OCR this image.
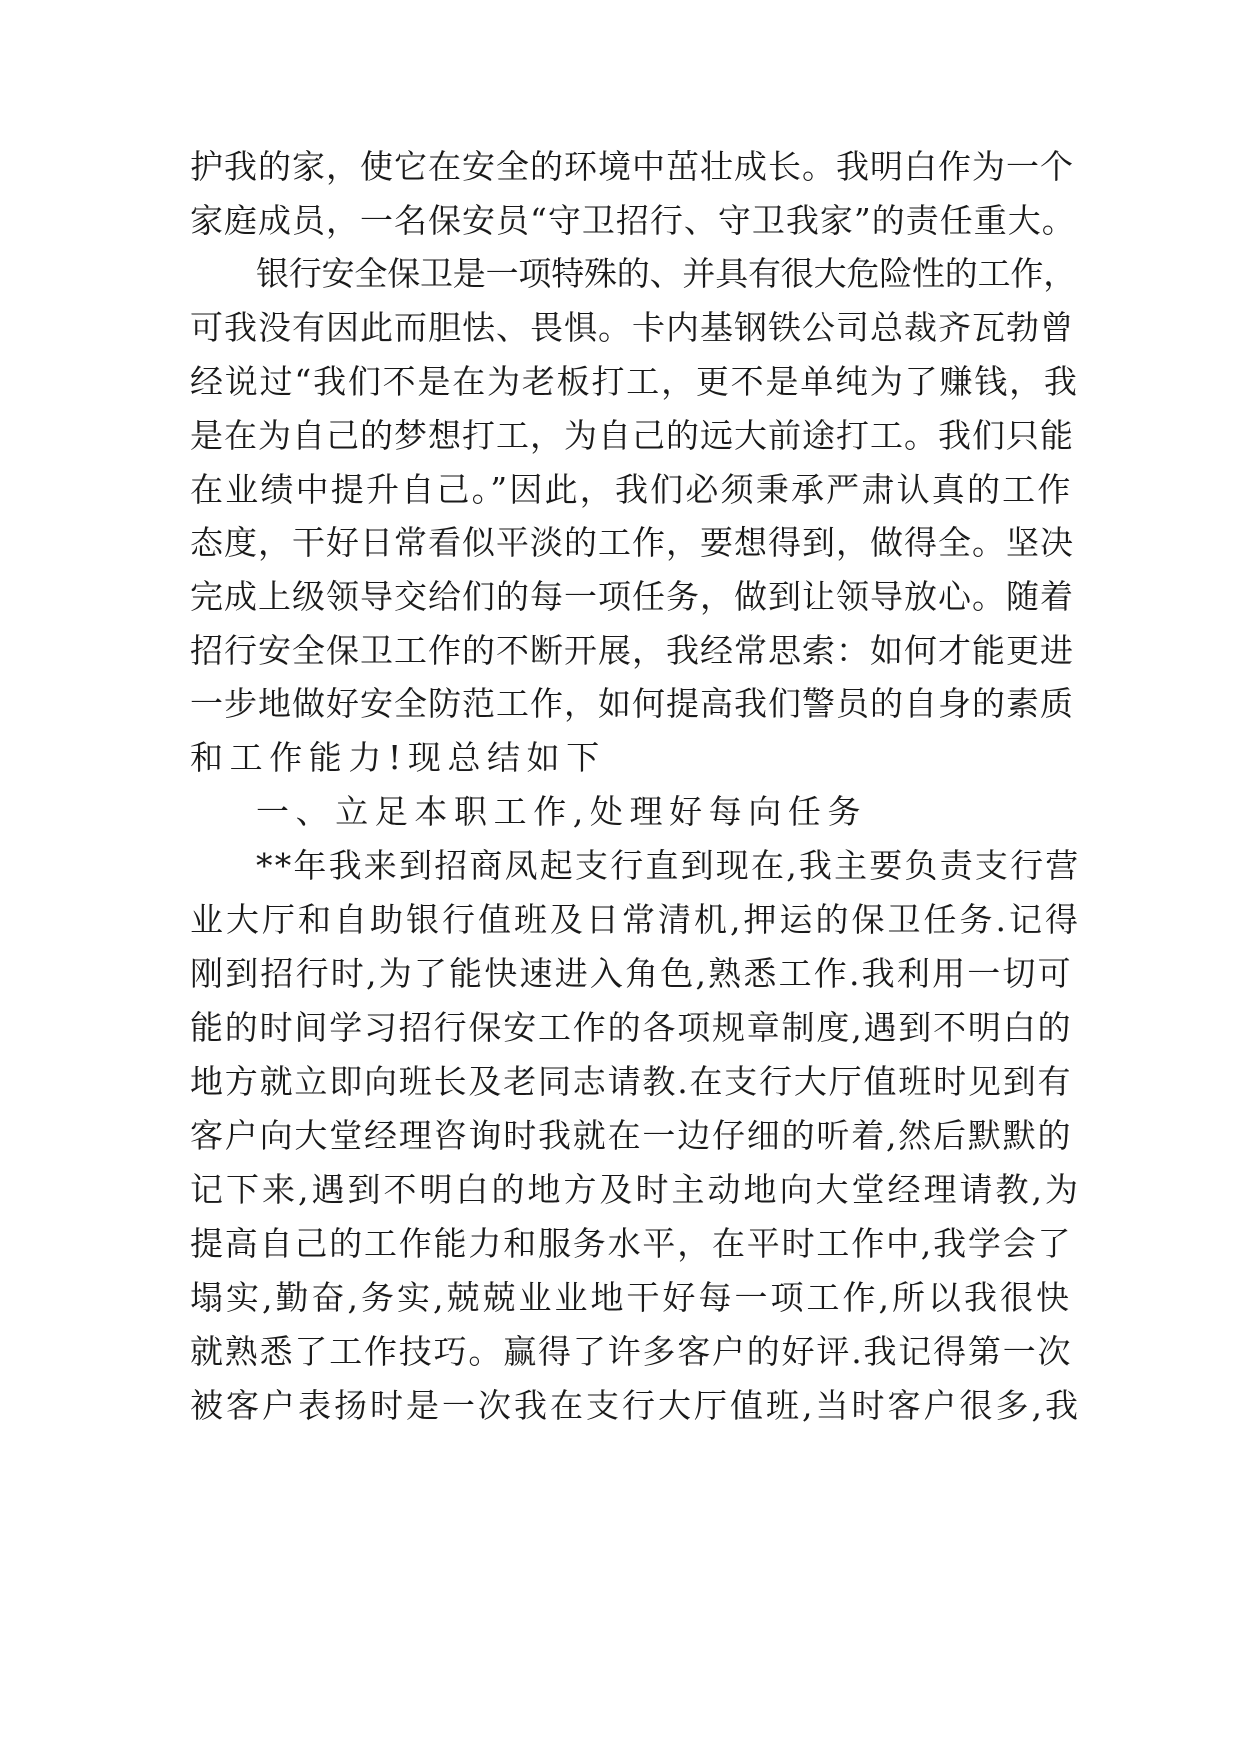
护我的家，使它在安全的环境中茁壮成长。我明白作为一个
家庭成员，一名保安员“守卫招行、守卫我家”的责任重大。
银行安全保卫是一项特殊的、并具有很大危险性的工作，
可我没有因此而胆怯、畏惧。卡内基钢铁公司总裁齐瓦勃曾
经说过“我们不是在为老板打工，更不是单纯为了赚钱，我
是在为自己的梦想打工，为自己的远大前途打工。我们只能
在业绩中提升自己。”因此，我们必须秉承严肃认真的工作
态度，干好日常看似平淡的工作，要想得到，做得全。坚决
完成上级领导交给们的每一项任务，做到让领导放心。随着
招行安全保卫工作的不断开展，我经常思索：如何才能更进
一步地做好安全防范工作，如何提高我们警员的自身的素质
和工作能力!现总结如下
一、立足本职工作,处理好每向任务
**年我来到招商凤起支行直到现在,我主要负责支行营
业大厅和自助银行值班及日常清机,押运的保卫任务.记得
刚到招行时,为了能快速进入角色,熟悉工作.我利用一切可
能的时间学习招行保安工作的各项规章制度,遇到不明白的
地方就立即向班长及老同志请教.在支行大厅值班时见到有
客户向大堂经理咨询时我就在一边仔细的听着,然后默默的
记下来,遇到不明白的地方及时主动地向大堂经理请教,为
提高自己的工作能力和服务水平，在平时工作中,我学会了
塌实,勤奋,务实,兢兢业业地干好每一项工作,所以我很快
就熟悉了工作技巧。赢得了许多客户的好评.我记得第一次
被客户表扬时是一次我在支行大厅值班,当时客户很多,我
